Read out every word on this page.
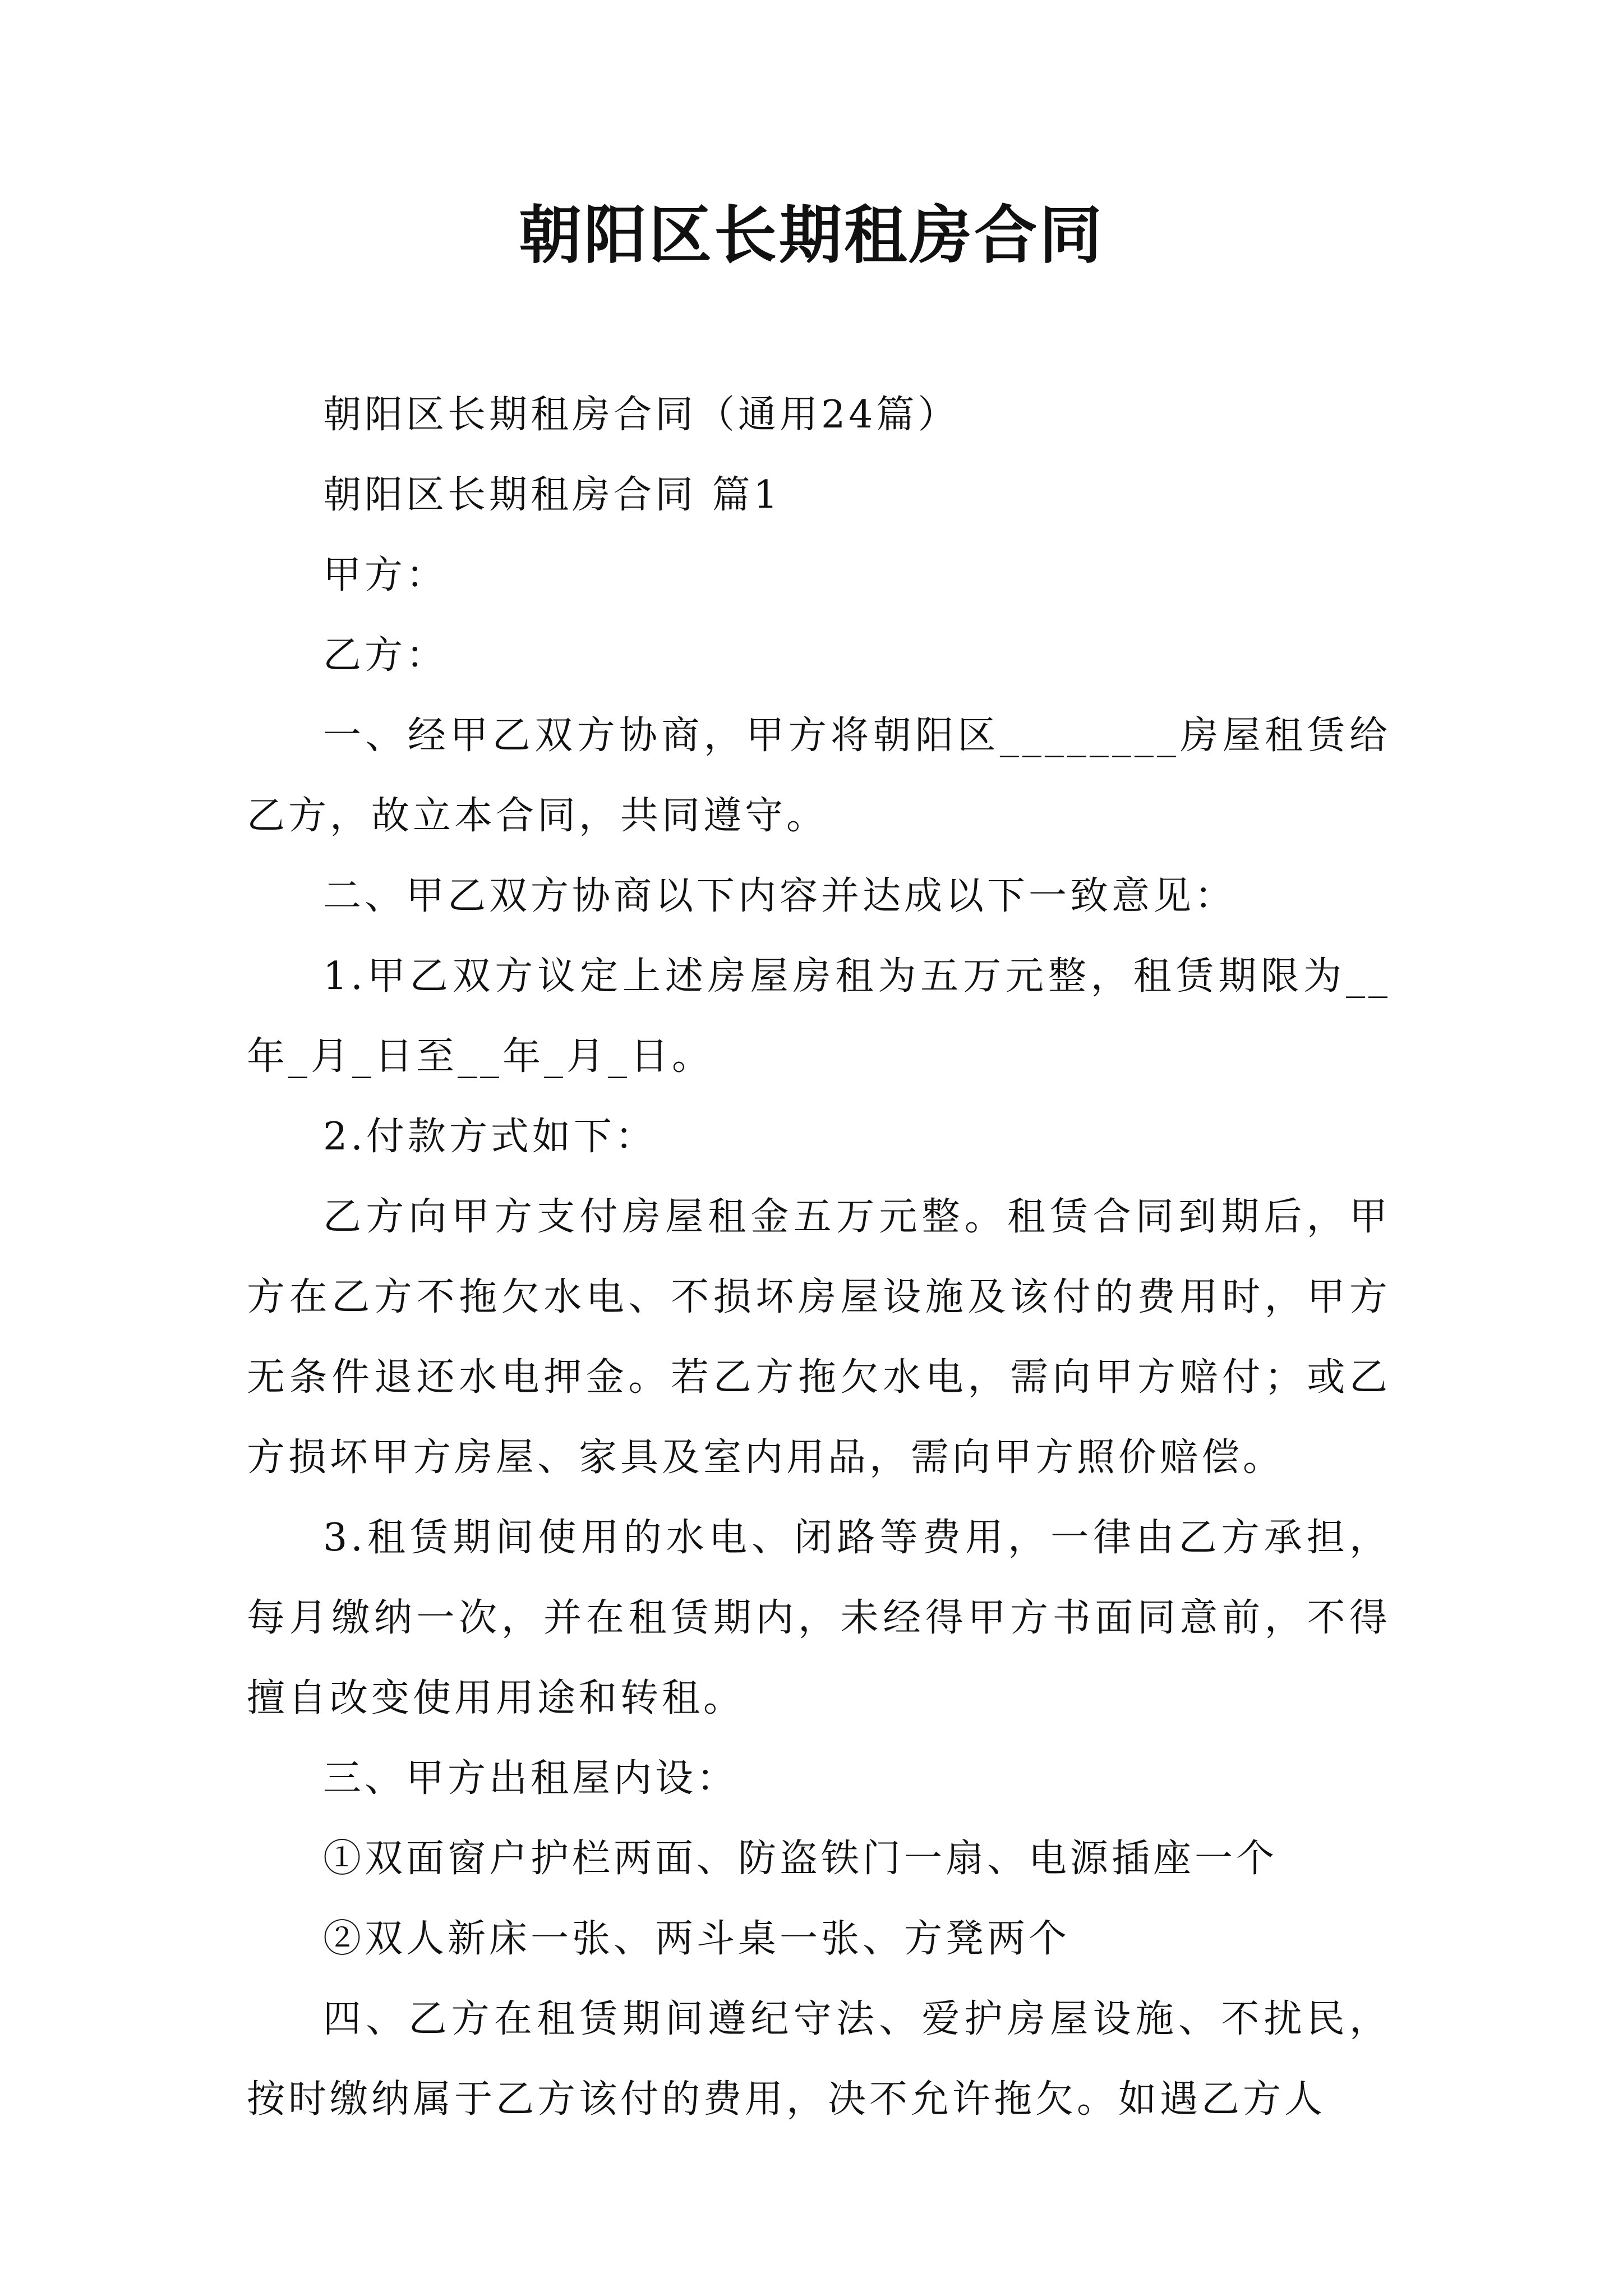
朝阳区长期租房合同

朝阳区长期租房合同（通用24篇）

朝阳区长期租房合同 篇1

甲方：

乙方：

一、经甲乙双方协商，甲方将朝阳区________房屋租赁给乙方，故立本合同，共同遵守。

二、甲乙双方协商以下内容并达成以下一致意见：

1.甲乙双方议定上述房屋房租为五万元整，租赁期限为__年_月_日至__年_月_日。

2.付款方式如下：

乙方向甲方支付房屋租金五万元整。租赁合同到期后，甲方在乙方不拖欠水电、不损坏房屋设施及该付的费用时，甲方无条件退还水电押金。若乙方拖欠水电，需向甲方赔付；或乙方损坏甲方房屋、家具及室内用品，需向甲方照价赔偿。

3.租赁期间使用的水电、闭路等费用，一律由乙方承担，每月缴纳一次，并在租赁期内，未经得甲方书面同意前，不得擅自改变使用用途和转租。

三、甲方出租屋内设：

①双面窗户护栏两面、防盗铁门一扇、电源插座一个

②双人新床一张、两斗桌一张、方凳两个

四、乙方在租赁期间遵纪守法、爱护房屋设施、不扰民，按时缴纳属于乙方该付的费用，决不允许拖欠。如遇乙方人
